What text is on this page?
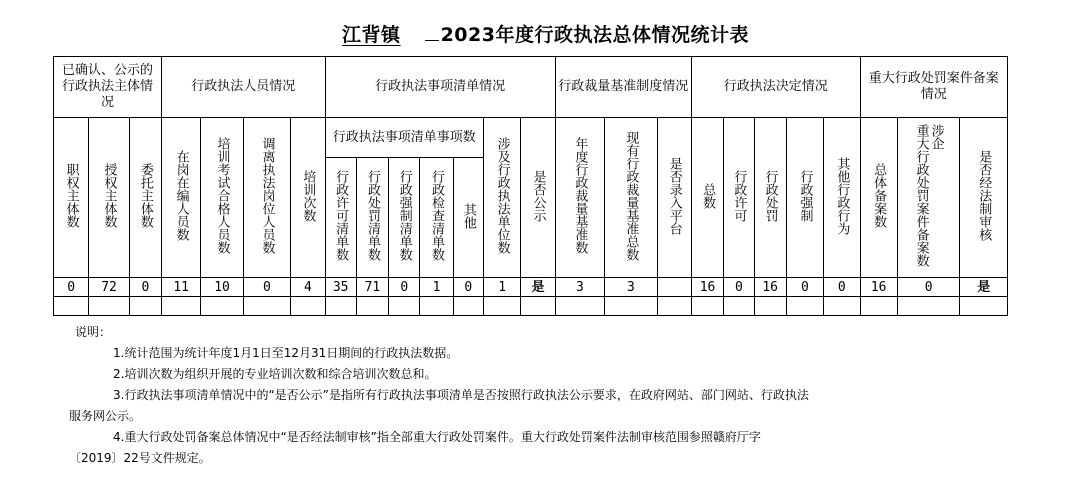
江背镇 2023年度行政执法总体情况统计表
已确认、公示的行政执法主体情况			行政执法人员情况				行政执法事项清单情况							行政裁量基准制度情况			行政执法决定情况					重大行政处罚案件备案情况		
职权主体数	授权主体数	委托主体数	在岗在编人员数	培训考试合格人员数	调离执法岗位人员数	培训次数	行政执法事项清单事项数					涉及行政执法单位数	是否公示	年度行政裁量基准数	现有行政裁量基准总数	是否录入平台	总数	行政许可	行政处罚	行政强制	其他行政行为	总体备案数	重大行政处罚案件备案数涉企	是否经法制审核
							行政许可清单数	行政处罚清单数	行政强制清单数	行政检查清单数	其他													
0	72	0	11	10	0	4	35	71	0	1	0	1	是	3	3		16	0	16	0	0	16	0	是

说明：

1.统计范围为统计年度1月1日至12月31日期间的行政执法数据。

2.培训次数为组织开展的专业培训次数和综合培训次数总和。

3.行政执法事项清单情况中的“是否公示”是指所有行政执法事项清单是否按照行政执法公示要求，在政府网站、部门网站、行政执法

服务网公示。

4.重大行政处罚备案总体情况中“是否经法制审核”指全部重大行政处罚案件。重大行政处罚案件法制审核范围参照赣府厅字

〔2019〕22号文件规定。
